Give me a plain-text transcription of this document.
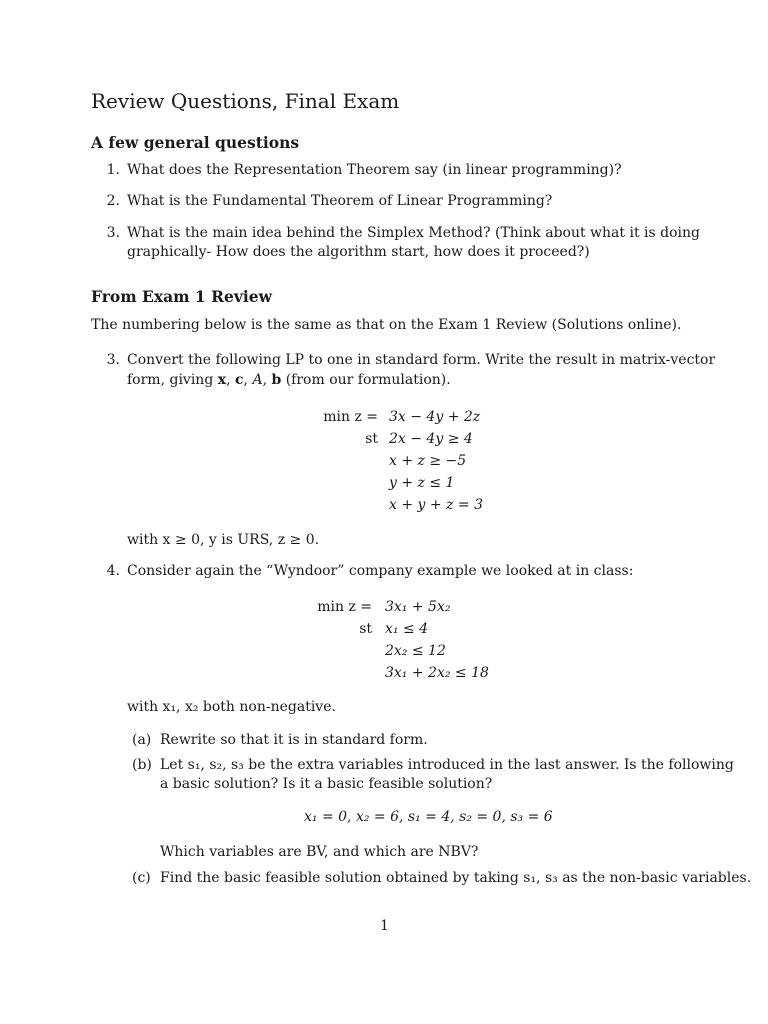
Review Questions, Final Exam
A few general questions
1. What does the Representation Theorem say (in linear programming)?
2. What is the Fundamental Theorem of Linear Programming?
3. What is the main idea behind the Simplex Method? (Think about what it is doing
graphically- How does the algorithm start, how does it proceed?)
From Exam 1 Review
The numbering below is the same as that on the Exam 1 Review (Solutions online).
3. Convert the following LP to one in standard form. Write the result in matrix-vector
form, giving x, c, A, b (from our formulation).
min z = 3x − 4y + 2z
st 2x − 4y ≥ 4
x + z ≥ −5
y + z ≤ 1
x + y + z = 3
with x ≥ 0, y is URS, z ≥ 0.
4. Consider again the “Wyndoor” company example we looked at in class:
min z = 3x₁ + 5x₂
st x₁ ≤ 4
2x₂ ≤ 12
3x₁ + 2x₂ ≤ 18
with x₁, x₂ both non-negative.
(a) Rewrite so that it is in standard form.
(b) Let s₁, s₂, s₃ be the extra variables introduced in the last answer. Is the following
a basic solution? Is it a basic feasible solution?
x₁ = 0, x₂ = 6, s₁ = 4, s₂ = 0, s₃ = 6
Which variables are BV, and which are NBV?
(c) Find the basic feasible solution obtained by taking s₁, s₃ as the non-basic variables.
1
